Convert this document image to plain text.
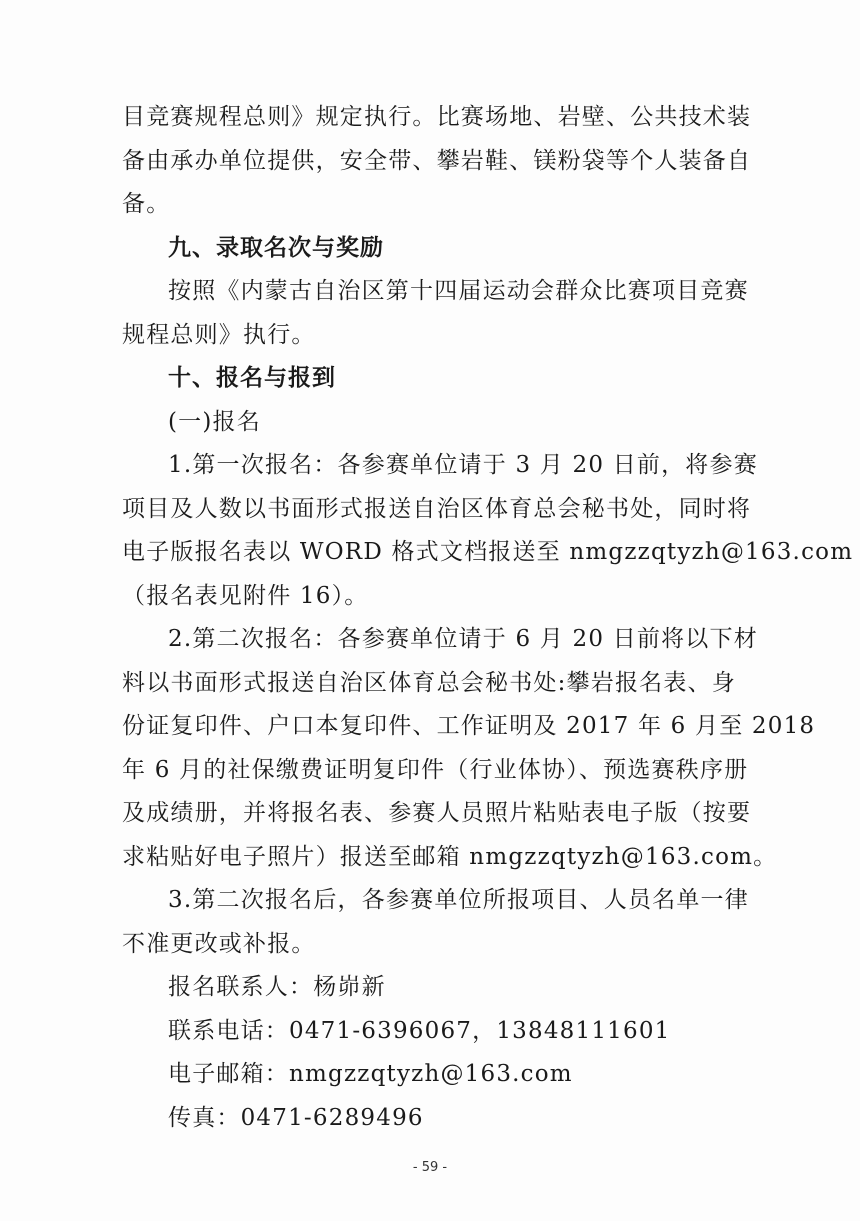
目竞赛规程总则》规定执行。比赛场地、岩壁、公共技术装
备由承办单位提供，安全带、攀岩鞋、镁粉袋等个人装备自
备。
九、录取名次与奖励
按照《内蒙古自治区第十四届运动会群众比赛项目竞赛
规程总则》执行。
十、报名与报到
(一)报名
1.第一次报名：各参赛单位请于 3 月 20 日前，将参赛
项目及人数以书面形式报送自治区体育总会秘书处，同时将
电子版报名表以 WORD 格式文档报送至 nmgzzqtyzh@163.com
（报名表见附件 16）。
2.第二次报名：各参赛单位请于 6 月 20 日前将以下材
料以书面形式报送自治区体育总会秘书处:攀岩报名表、身
份证复印件、户口本复印件、工作证明及 2017 年 6 月至 2018
年 6 月的社保缴费证明复印件（行业体协）、预选赛秩序册
及成绩册，并将报名表、参赛人员照片粘贴表电子版（按要
求粘贴好电子照片）报送至邮箱 nmgzzqtyzh@163.com。
3.第二次报名后，各参赛单位所报项目、人员名单一律
不准更改或补报。
报名联系人：杨峁新
联系电话：0471-6396067，13848111601
电子邮箱：nmgzzqtyzh@163.com
传真：0471-6289496
- 59 -
